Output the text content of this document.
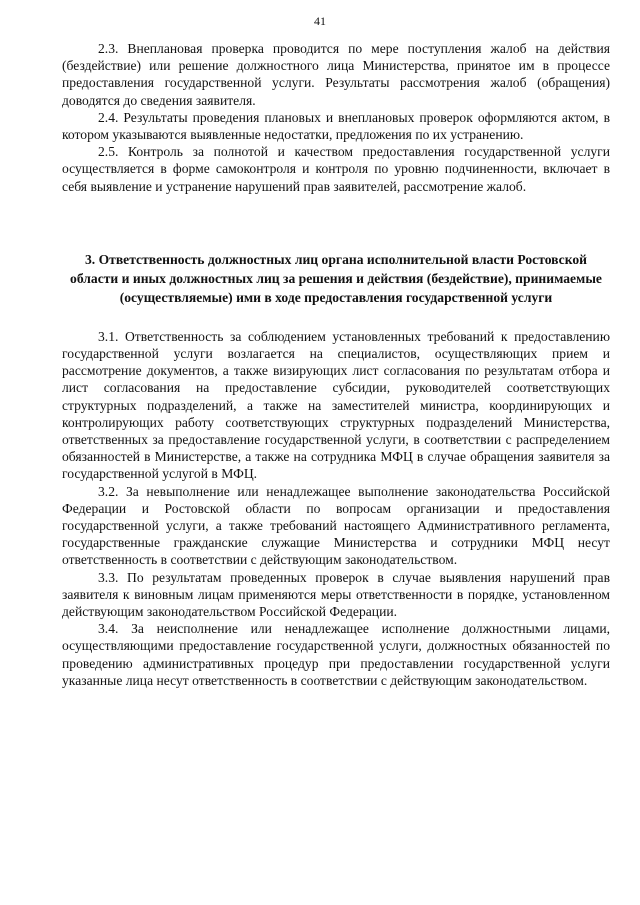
41

2.3. Внеплановая проверка проводится по мере поступления жалоб на действия (бездействие) или решение должностного лица Министерства, принятое им в процессе предоставления государственной услуги. Результаты рассмотрения жалоб (обращения) доводятся до сведения заявителя.

2.4. Результаты проведения плановых и внеплановых проверок оформляются актом, в котором указываются выявленные недостатки, предложения по их устранению.

2.5. Контроль за полнотой и качеством предоставления государственной услуги осуществляется в форме самоконтроля и контроля по уровню подчиненности, включает в себя выявление и устранение нарушений прав заявителей, рассмотрение жалоб.

3. Ответственность должностных лиц органа исполнительной власти Ростовской области и иных должностных лиц за решения и действия (бездействие), принимаемые (осуществляемые) ими в ходе предоставления государственной услуги

3.1. Ответственность за соблюдением установленных требований к предоставлению государственной услуги возлагается на специалистов, осуществляющих прием и рассмотрение документов, а также визирующих лист согласования по результатам отбора и лист согласования на предоставление субсидии, руководителей соответствующих структурных подразделений, а также на заместителей министра, координирующих и контролирующих работу соответствующих структурных подразделений Министерства, ответственных за предоставление государственной услуги, в соответствии с распределением обязанностей в Министерстве, а также на сотрудника МФЦ в случае обращения заявителя за государственной услугой в МФЦ.

3.2. За невыполнение или ненадлежащее выполнение законодательства Российской Федерации и Ростовской области по вопросам организации и предоставления государственной услуги, а также требований настоящего Административного регламента, государственные гражданские служащие Министерства и сотрудники МФЦ несут ответственность в соответствии с действующим законодательством.

3.3. По результатам проведенных проверок в случае выявления нарушений прав заявителя к виновным лицам применяются меры ответственности в порядке, установленном действующим законодательством Российской Федерации.

3.4. За неисполнение или ненадлежащее исполнение должностными лицами, осуществляющими предоставление государственной услуги, должностных обязанностей по проведению административных процедур при предоставлении государственной услуги указанные лица несут ответственность в соответствии с действующим законодательством.
